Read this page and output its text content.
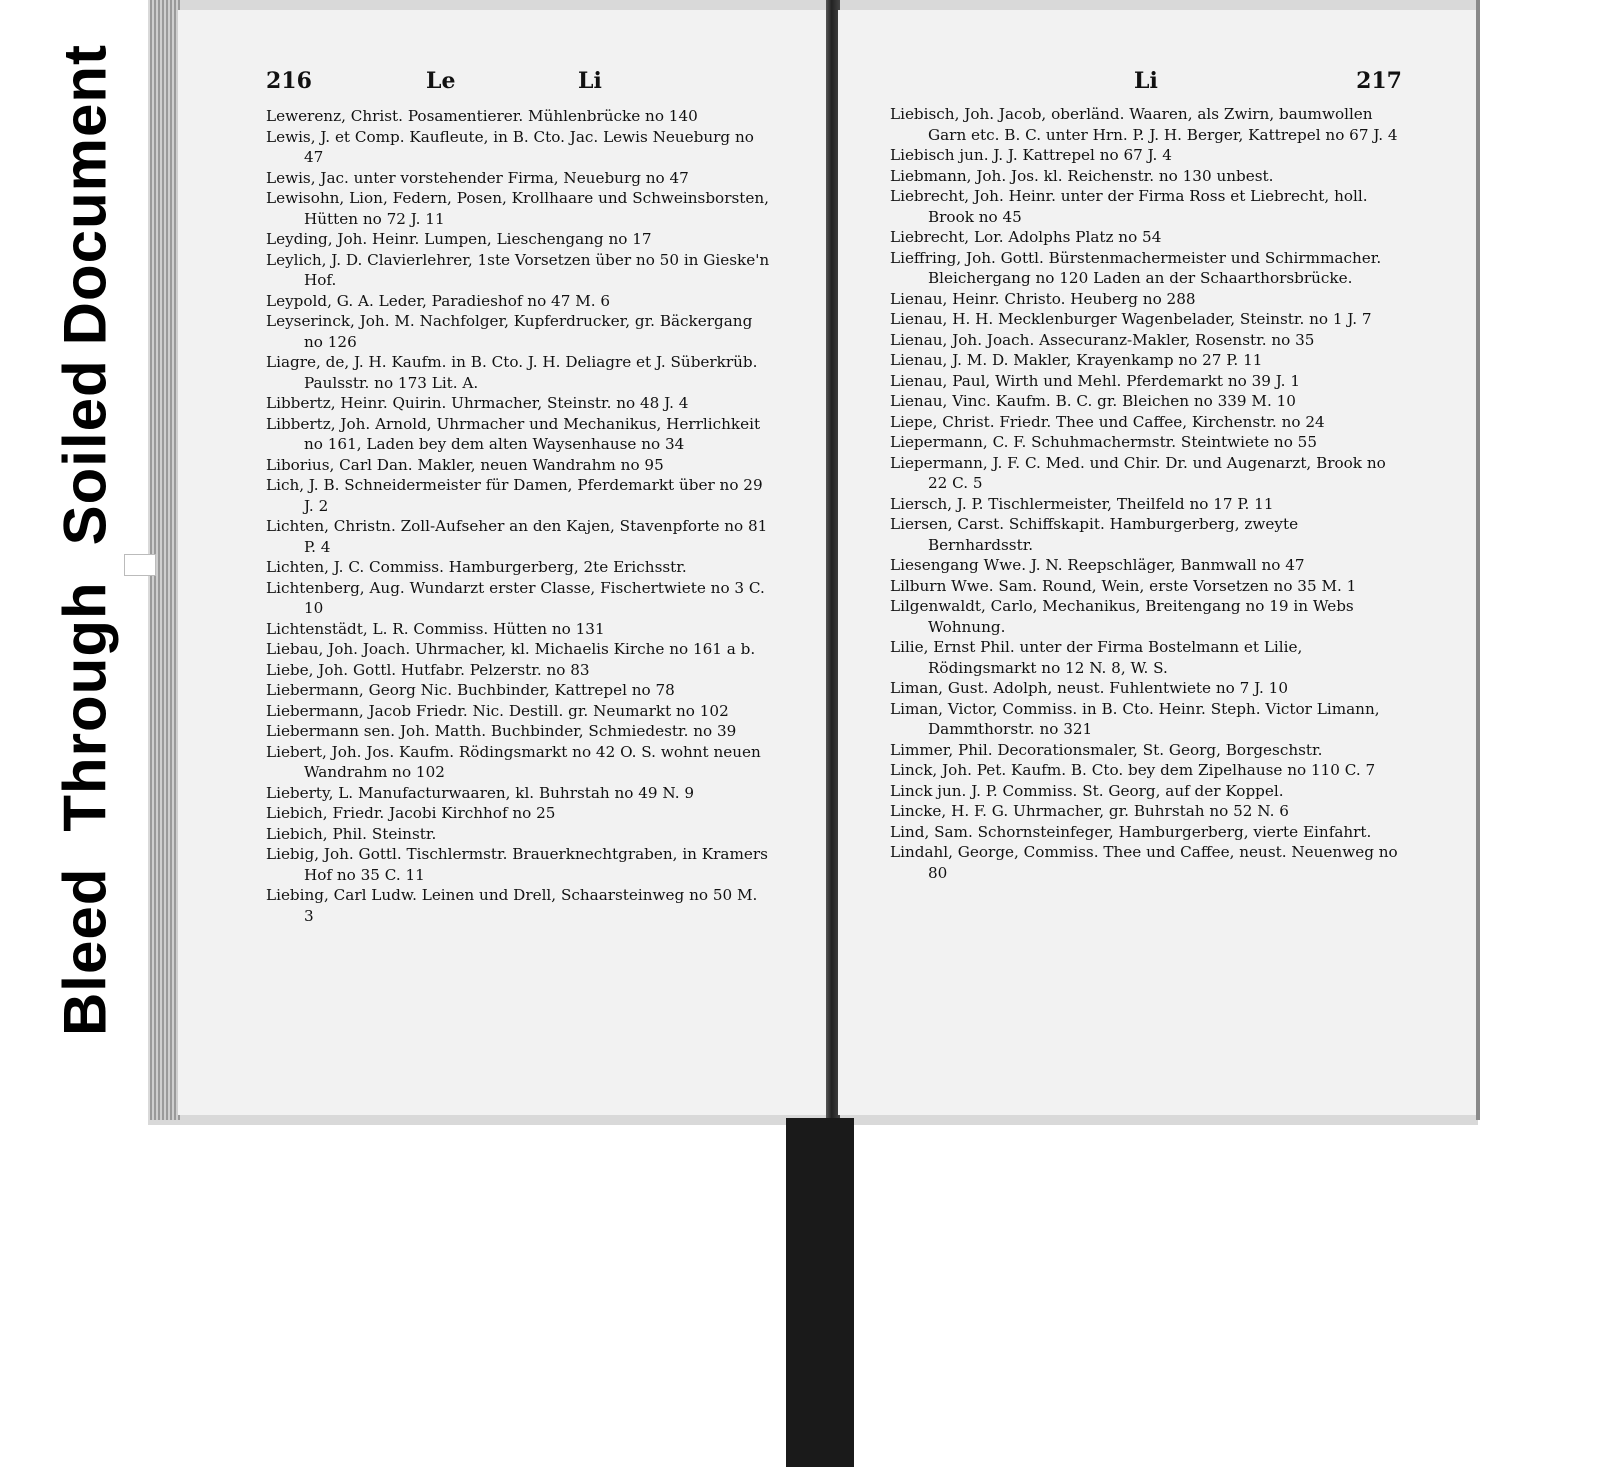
BleedThroughSoiledDocument	216	Le	Li
Lewerenz, Christ. Posamentierer. Mühlenbrücke no 140
Lewis, J. et Comp. Kaufleute, in B. Cto. Jac. Lewis Neueburg no 47
Lewis, Jac. unter vorstehender Firma, Neueburg no 47
Lewisohn, Lion, Federn, Posen, Krollhaare und Schweinsborsten, Hütten no 72 J. 11
Leyding, Joh. Heinr. Lumpen, Lieschengang no 17
Leylich, J. D. Clavierlehrer, 1ste Vorsetzen über no 50 in Gieske'n Hof.
Leypold, G. A. Leder, Paradieshof no 47 M. 6
Leyserinck, Joh. M. Nachfolger, Kupferdrucker, gr. Bäckergang no 126
Liagre, de, J. H. Kaufm. in B. Cto. J. H. Deliagre et J. Süberkrüb. Paulsstr. no 173 Lit. A.
Libbertz, Heinr. Quirin. Uhrmacher, Steinstr. no 48 J. 4
Libbertz, Joh. Arnold, Uhrmacher und Mechanikus, Herrlichkeit no 161, Laden bey dem alten Waysenhause no 34
Liborius, Carl Dan. Makler, neuen Wandrahm no 95
Lich, J. B. Schneidermeister für Damen, Pferdemarkt über no 29 J. 2
Lichten, Christn. Zoll-Aufseher an den Kajen, Stavenpforte no 81 P. 4
Lichten, J. C. Commiss. Hamburgerberg, 2te Erichsstr.
Lichtenberg, Aug. Wundarzt erster Classe, Fischertwiete no 3 C. 10
Lichtenstädt, L. R. Commiss. Hütten no 131
Liebau, Joh. Joach. Uhrmacher, kl. Michaelis Kirche no 161 a b.
Liebe, Joh. Gottl. Hutfabr. Pelzerstr. no 83
Liebermann, Georg Nic. Buchbinder, Kattrepel no 78
Liebermann, Jacob Friedr. Nic. Destill. gr. Neumarkt no 102
Liebermann sen. Joh. Matth. Buchbinder, Schmiedestr. no 39
Liebert, Joh. Jos. Kaufm. Rödingsmarkt no 42 O. S. wohnt neuen Wandrahm no 102
Lieberty, L. Manufacturwaaren, kl. Buhrstah no 49 N. 9
Liebich, Friedr. Jacobi Kirchhof no 25
Liebich, Phil. Steinstr.
Liebig, Joh. Gottl. Tischlermstr. Brauerknechtgraben, in Kramers Hof no 35 C. 11
Liebing, Carl Ludw. Leinen und Drell, Schaarsteinweg no 50 M. 3
Li	217
Liebisch, Joh. Jacob, oberländ. Waaren, als Zwirn, baumwollen Garn etc. B. C. unter Hrn. P. J. H. Berger, Kattrepel no 67 J. 4
Liebisch jun. J. J. Kattrepel no 67 J. 4
Liebmann, Joh. Jos. kl. Reichenstr. no 130 unbest.
Liebrecht, Joh. Heinr. unter der Firma Ross et Liebrecht, holl. Brook no 45
Liebrecht, Lor. Adolphs Platz no 54
Lieffring, Joh. Gottl. Bürstenmachermeister und Schirmmacher. Bleichergang no 120 Laden an der Schaarthorsbrücke.
Lienau, Heinr. Christo. Heuberg no 288
Lienau, H. H. Mecklenburger Wagenbelader, Steinstr. no 1 J. 7
Lienau, Joh. Joach. Assecuranz-Makler, Rosenstr. no 35
Lienau, J. M. D. Makler, Krayenkamp no 27 P. 11
Lienau, Paul, Wirth und Mehl. Pferdemarkt no 39 J. 1
Lienau, Vinc. Kaufm. B. C. gr. Bleichen no 339 M. 10
Liepe, Christ. Friedr. Thee und Caffee, Kirchenstr. no 24
Liepermann, C. F. Schuhmachermstr. Steintwiete no 55
Liepermann, J. F. C. Med. und Chir. Dr. und Augenarzt, Brook no 22 C. 5
Liersch, J. P. Tischlermeister, Theilfeld no 17 P. 11
Liersen, Carst. Schiffskapit. Hamburgerberg, zweyte Bernhardsstr.
Liesengang Wwe. J. N. Reepschläger, Banmwall no 47
Lilburn Wwe. Sam. Round, Wein, erste Vorsetzen no 35 M. 1
Lilgenwaldt, Carlo, Mechanikus, Breitengang no 19 in Webs Wohnung.
Lilie, Ernst Phil. unter der Firma Bostelmann et Lilie, Rödingsmarkt no 12 N. 8, W. S.
Liman, Gust. Adolph, neust. Fuhlentwiete no 7 J. 10
Liman, Victor, Commiss. in B. Cto. Heinr. Steph. Victor Limann, Dammthorstr. no 321
Limmer, Phil. Decorationsmaler, St. Georg, Borgeschstr.
Linck, Joh. Pet. Kaufm. B. Cto. bey dem Zipelhause no 110 C. 7
Linck jun. J. P. Commiss. St. Georg, auf der Koppel.
Lincke, H. F. G. Uhrmacher, gr. Buhrstah no 52 N. 6
Lind, Sam. Schornsteinfeger, Hamburgerberg, vierte Einfahrt.
Lindahl, George, Commiss. Thee und Caffee, neust. Neuenweg no 80
